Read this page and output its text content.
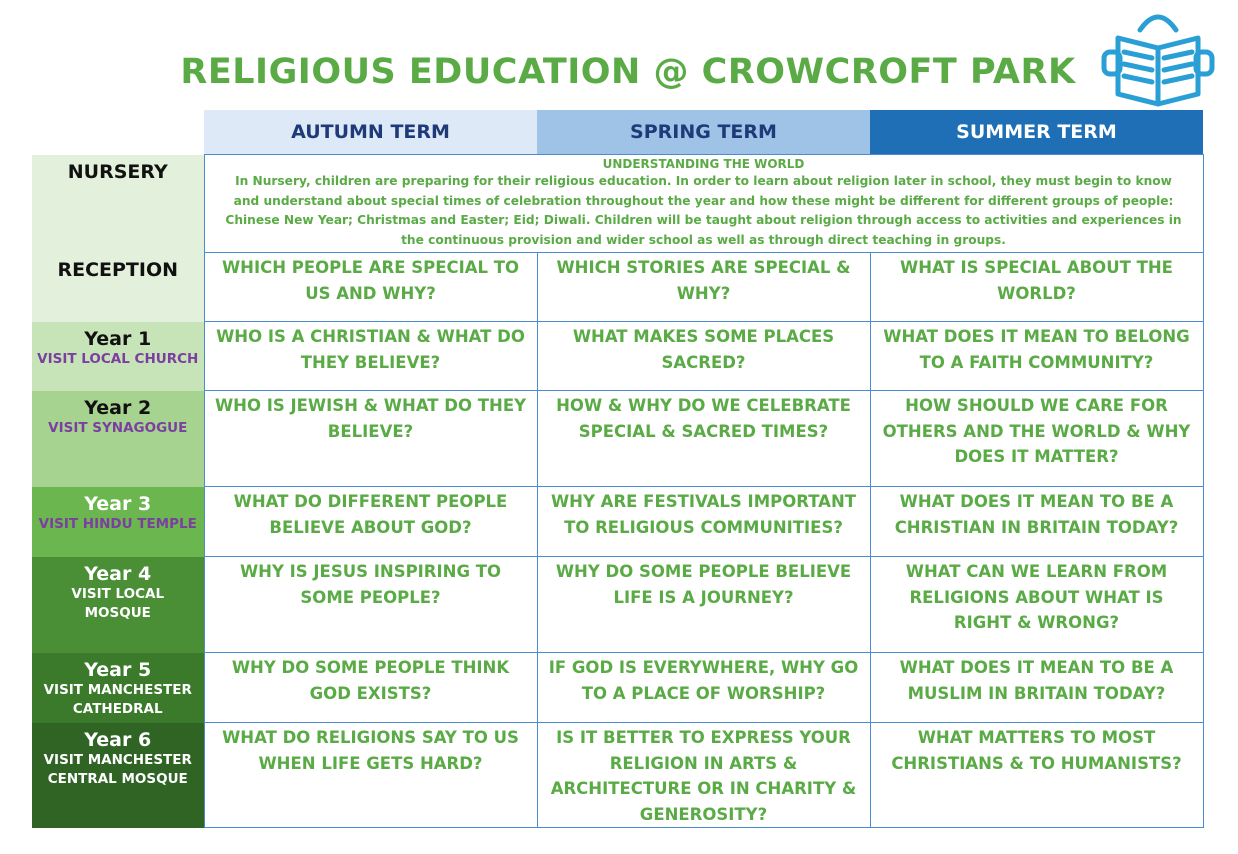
RELIGIOUS EDUCATION @ CROWCROFT PARK
	AUTUMN TERM	SPRING TERM	SUMMER TERM

NURSERY	UNDERSTANDING THE WORLD
In Nursery, children are preparing for their religious education. In order to learn about religion later in school, they must begin to know and understand about special times of celebration throughout the year and how these might be different for different groups of people: Chinese New Year; Christmas and Easter; Eid; Diwali. Children will be taught about religion through access to activities and experiences in the continuous provision and wider school as well as through direct teaching in groups.		

RECEPTION	WHICH PEOPLE ARE SPECIAL TO US AND WHY?	WHICH STORIES ARE SPECIAL & WHY?	WHAT IS SPECIAL ABOUT THE WORLD?

Year 1
VISIT LOCAL CHURCH	WHO IS A CHRISTIAN & WHAT DO THEY BELIEVE?	WHAT MAKES SOME PLACES SACRED?	WHAT DOES IT MEAN TO BELONG TO A FAITH COMMUNITY?

Year 2
VISIT SYNAGOGUE	WHO IS JEWISH & WHAT DO THEY BELIEVE?	HOW & WHY DO WE CELEBRATE SPECIAL & SACRED TIMES?	HOW SHOULD WE CARE FOR OTHERS AND THE WORLD & WHY DOES IT MATTER?

Year 3
VISIT HINDU TEMPLE	WHAT DO DIFFERENT PEOPLE BELIEVE ABOUT GOD?	WHY ARE FESTIVALS IMPORTANT TO RELIGIOUS COMMUNITIES?	WHAT DOES IT MEAN TO BE A CHRISTIAN IN BRITAIN TODAY?

Year 4
VISIT LOCAL MOSQUE	WHY IS JESUS INSPIRING TO SOME PEOPLE?	WHY DO SOME PEOPLE BELIEVE LIFE IS A JOURNEY?	WHAT CAN WE LEARN FROM RELIGIONS ABOUT WHAT IS RIGHT & WRONG?

Year 5
VISIT MANCHESTER CATHEDRAL	WHY DO SOME PEOPLE THINK GOD EXISTS?	IF GOD IS EVERYWHERE, WHY GO TO A PLACE OF WORSHIP?	WHAT DOES IT MEAN TO BE A MUSLIM IN BRITAIN TODAY?

Year 6
VISIT MANCHESTER CENTRAL MOSQUE	WHAT DO RELIGIONS SAY TO US WHEN LIFE GETS HARD?	IS IT BETTER TO EXPRESS YOUR RELIGION IN ARTS & ARCHITECTURE OR IN CHARITY & GENEROSITY?	WHAT MATTERS TO MOST CHRISTIANS & TO HUMANISTS?
